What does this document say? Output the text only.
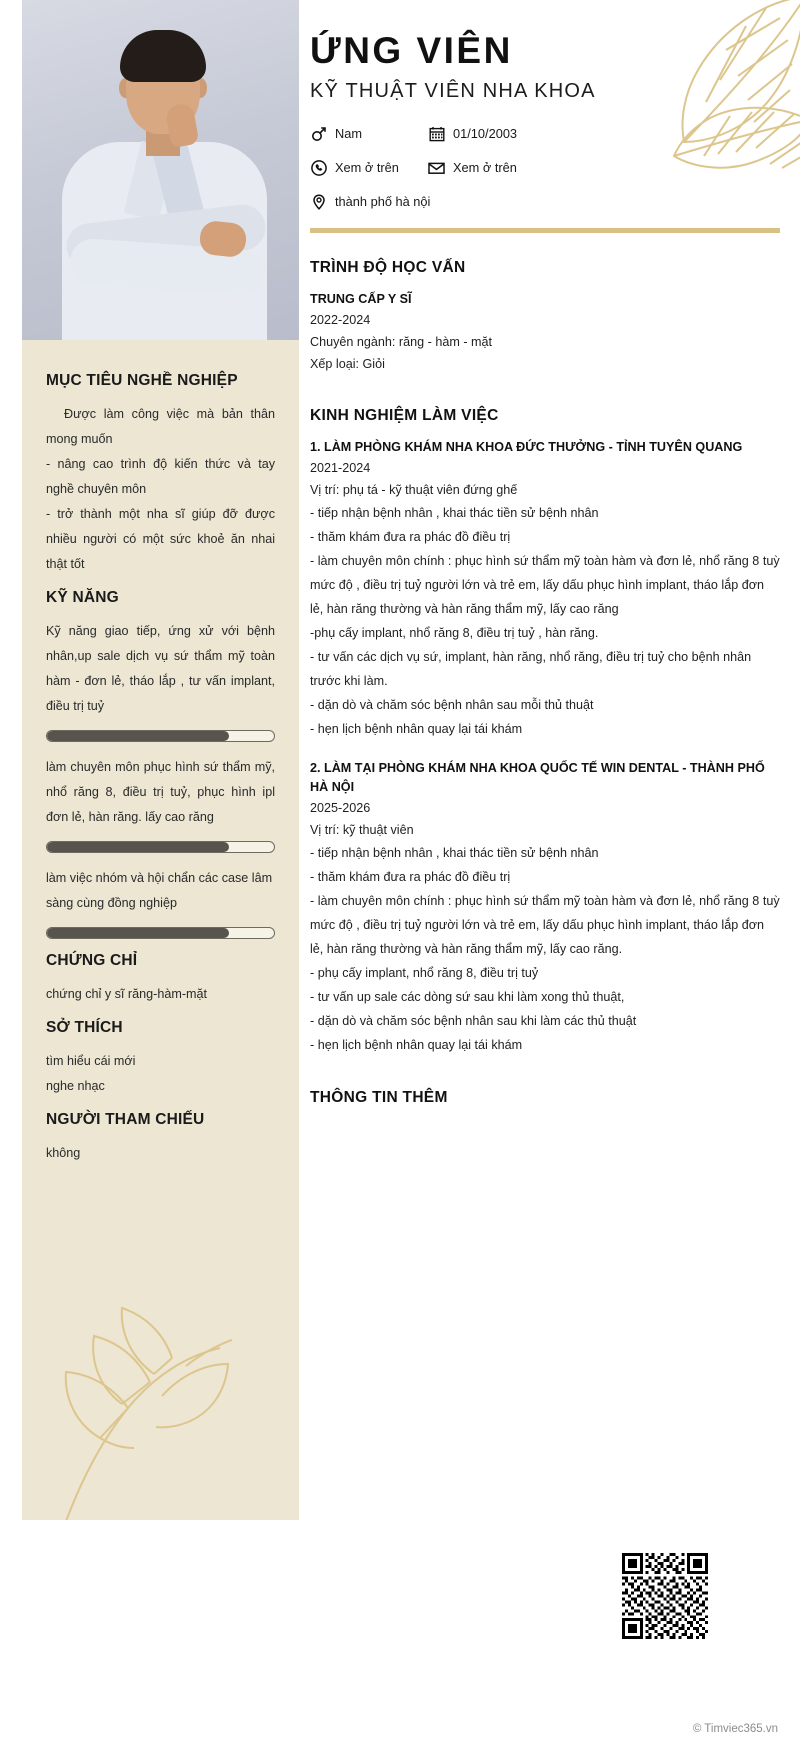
MỤC TIÊU NGHỀ NGHIỆP
Được làm công việc mà bản thân mong muốn
- nâng cao trình độ kiến thức và tay nghề chuyên môn
- trở thành một nha sĩ giúp đỡ được nhiều người có một sức khoẻ ăn nhai thật tốt
KỸ NĂNG
Kỹ năng giao tiếp, ứng xử với bệnh nhân,up sale dịch vụ sứ thẩm mỹ toàn hàm - đơn lẻ, tháo lắp , tư vấn implant, điều trị tuỷ
làm chuyên môn phục hình sứ thẩm mỹ, nhổ răng 8, điều trị tuỷ, phục hình ipl đơn lẻ, hàn răng. lấy cao răng
làm việc nhóm và hội chẩn các case lâm sàng cùng đồng nghiệp
CHỨNG CHỈ
chứng chỉ y sĩ răng-hàm-mặt
SỞ THÍCH
tìm hiểu cái mới
nghe nhạc
NGƯỜI THAM CHIẾU
không
ỨNG VIÊN
KỸ THUẬT VIÊN NHA KHOA
Nam	01/10/2003
Xem ở trên	Xem ở trên
thành phố hà nội
TRÌNH ĐỘ HỌC VẤN
TRUNG CẤP Y SĨ
2022-2024
Chuyên ngành: răng - hàm - mặt
Xếp loại: Giỏi
KINH NGHIỆM LÀM VIỆC
1. LÀM PHÒNG KHÁM NHA KHOA ĐỨC THƯỞNG - TỈNH TUYÊN QUANG
2021-2024
Vị trí: phụ tá - kỹ thuật viên đứng ghế
- tiếp nhận bệnh nhân , khai thác tiền sử bệnh nhân
- thăm khám đưa ra phác đồ điều trị
- làm chuyên môn chính : phục hình sứ thẩm mỹ toàn hàm và đơn lẻ, nhổ răng 8 tuỳ mức độ , điều trị tuỷ người lớn và trẻ em, lấy dấu phục hình implant, tháo lắp đơn lẻ, hàn răng thường và hàn răng thẩm mỹ, lấy cao răng
-phụ cấy implant, nhổ răng 8, điều trị tuỷ , hàn răng.
- tư vấn các dịch vụ sứ, implant, hàn răng, nhổ răng, điều trị tuỷ cho bệnh nhân trước khi làm.
- dặn dò và chăm sóc bệnh nhân sau mỗi thủ thuật
- hẹn lịch bệnh nhân quay lại tái khám
2. LÀM TẠI PHÒNG KHÁM NHA KHOA QUỐC TẾ WIN DENTAL - THÀNH PHỐ HÀ NỘI
2025-2026
Vị trí: kỹ thuật viên
- tiếp nhận bệnh nhân , khai thác tiền sử bệnh nhân
- thăm khám đưa ra phác đồ điều trị
- làm chuyên môn chính : phục hình sứ thẩm mỹ toàn hàm và đơn lẻ, nhổ răng 8 tuỳ mức độ , điều trị tuỷ người lớn và trẻ em, lấy dấu phục hình implant, tháo lắp đơn lẻ, hàn răng thường và hàn răng thẩm mỹ, lấy cao răng.
- phụ cấy implant, nhổ răng 8, điều trị tuỷ
- tư vấn up sale các dòng sứ sau khi làm xong thủ thuật,
- dặn dò và chăm sóc bệnh nhân sau khi làm các thủ thuật
- hẹn lịch bệnh nhân quay lại tái khám
THÔNG TIN THÊM
© Timviec365.vn
